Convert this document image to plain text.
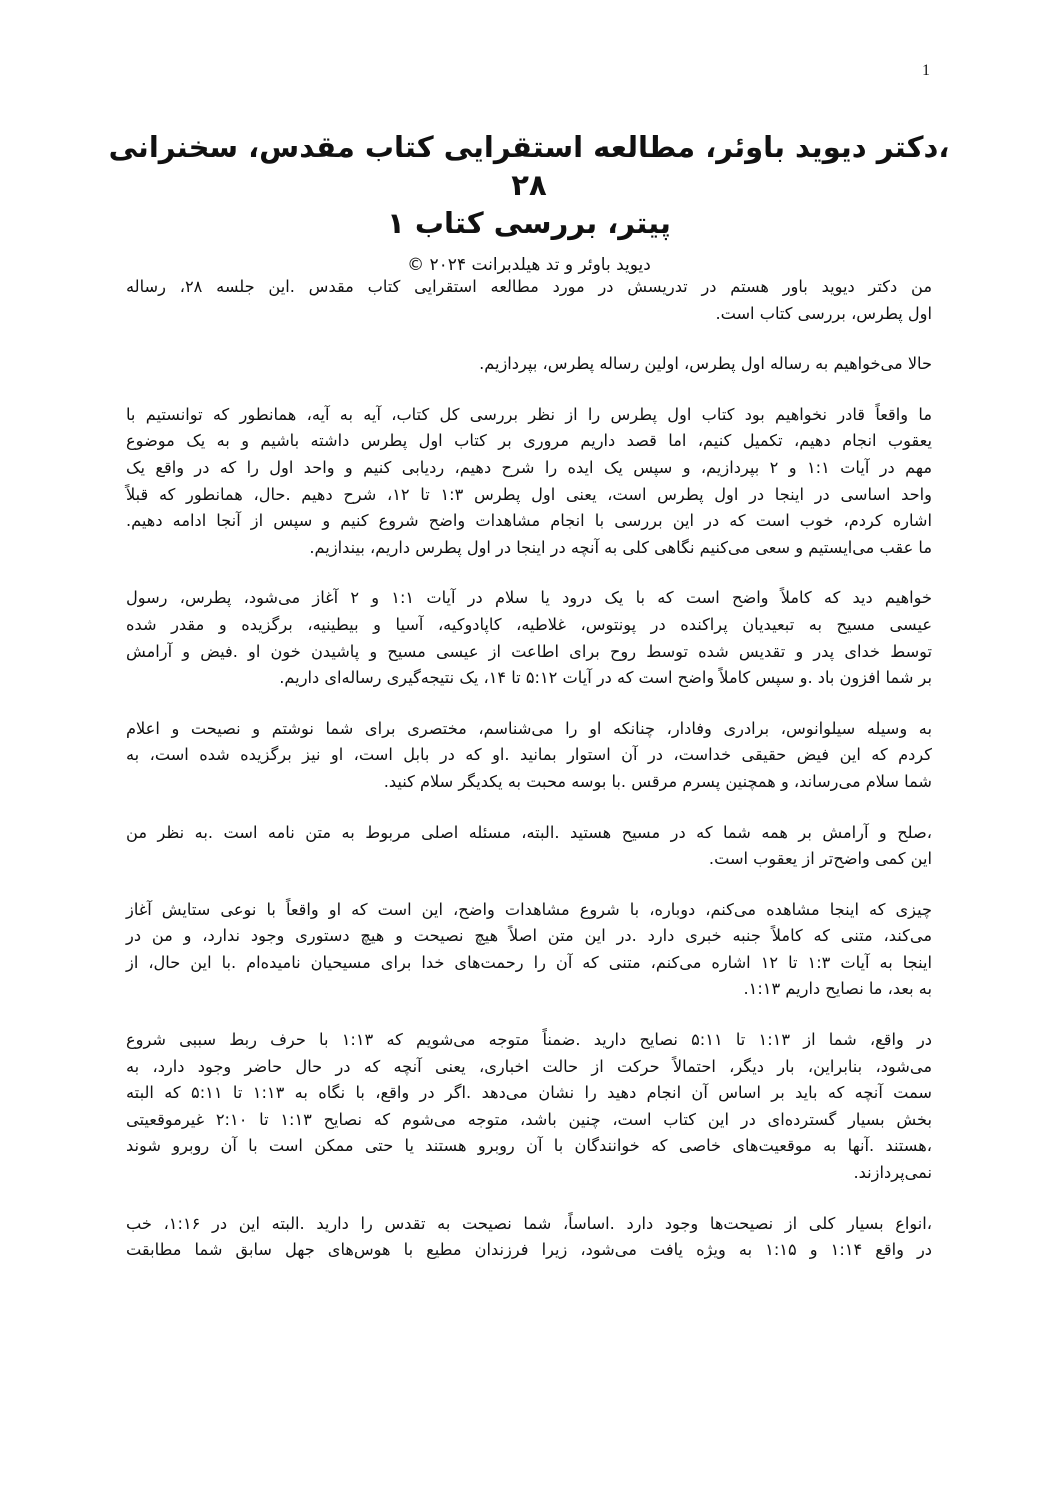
1
،دکتر دیوید باوئر، مطالعه استقرایی کتاب مقدس، سخنرانی ۲۸
پیتر، بررسی کتاب ۱
دیوید باوئر و تد هیلدبرانت ۲۰۲۴ ©
من دکتر دیوید باور هستم در تدریسش در مورد مطالعه استقرایی کتاب مقدس .این جلسه ۲۸، رساله
اول پطرس، بررسی کتاب است.
حالا می‌خواهیم به رساله اول پطرس، اولین رساله پطرس، بپردازیم.
ما واقعاً قادر نخواهیم بود کتاب اول پطرس را از نظر بررسی کل کتاب، آیه به آیه، همانطور که توانستیم با
یعقوب انجام دهیم، تکمیل کنیم، اما قصد داریم مروری بر کتاب اول پطرس داشته باشیم و به یک موضوع
مهم در آیات ۱:۱ و ۲ بپردازیم، و سپس یک ایده را شرح دهیم، ردیابی کنیم و واحد اول را که در واقع یک
واحد اساسی در اینجا در اول پطرس است، یعنی اول پطرس ۱:۳ تا ۱۲، شرح دهیم .حال، همانطور که قبلاً
اشاره کردم، خوب است که در این بررسی با انجام مشاهدات واضح شروع کنیم و سپس از آنجا ادامه دهیم.
ما عقب می‌ایستیم و سعی می‌کنیم نگاهی کلی به آنچه در اینجا در اول پطرس داریم، بیندازیم.
خواهیم دید که کاملاً واضح است که با یک درود یا سلام در آیات ۱:۱ و ۲ آغاز می‌شود، پطرس، رسول
عیسی مسیح به تبعیدیان پراکنده در پونتوس، غلاطیه، کاپادوکیه، آسیا و بیطینیه، برگزیده و مقدر شده
توسط خدای پدر و تقدیس شده توسط روح برای اطاعت از عیسی مسیح و پاشیدن خون او .فیض و آرامش
بر شما افزون باد .و سپس کاملاً واضح است که در آیات ۵:۱۲ تا ۱۴، یک نتیجه‌گیری رساله‌ای داریم.
به وسیله سیلوانوس، برادری وفادار، چنانکه او را می‌شناسم، مختصری برای شما نوشتم و نصیحت و اعلام
کردم که این فیض حقیقی خداست، در آن استوار بمانید .او که در بابل است، او نیز برگزیده شده است، به
شما سلام می‌رساند، و همچنین پسرم مرقس .با بوسه محبت به یکدیگر سلام کنید.
،صلح و آرامش بر همه شما که در مسیح هستید .البته، مسئله اصلی مربوط به متن نامه است .به نظر من
این کمی واضح‌تر از یعقوب است.
چیزی که اینجا مشاهده می‌کنم، دوباره، با شروع مشاهدات واضح، این است که او واقعاً با نوعی ستایش آغاز
می‌کند، متنی که کاملاً جنبه خبری دارد .در این متن اصلاً هیچ نصیحت و هیچ دستوری وجود ندارد، و من در
اینجا به آیات ۱:۳ تا ۱۲ اشاره می‌کنم، متنی که آن را رحمت‌های خدا برای مسیحیان نامیده‌ام .با این حال، از
به بعد، ما نصایح داریم ۱:۱۳.
در واقع، شما از ۱:۱۳ تا ۵:۱۱ نصایح دارید .ضمناً متوجه می‌شویم که ۱:۱۳ با حرف ربط سببی شروع
می‌شود، بنابراین، بار دیگر، احتمالاً حرکت از حالت اخباری، یعنی آنچه که در حال حاضر وجود دارد، به
سمت آنچه که باید بر اساس آن انجام دهید را نشان می‌دهد .اگر در واقع، با نگاه به ۱:۱۳ تا ۵:۱۱ که البته
بخش بسیار گسترده‌ای در این کتاب است، چنین باشد، متوجه می‌شوم که نصایح ۱:۱۳ تا ۲:۱۰ غیرموقعیتی
،هستند .آنها به موقعیت‌های خاصی که خوانندگان با آن روبرو هستند یا حتی ممکن است با آن روبرو شوند
نمی‌پردازند.
،انواع بسیار کلی از نصیحت‌ها وجود دارد .اساساً، شما نصیحت به تقدس را دارید .البته این در ۱:۱۶، خب
در واقع ۱:۱۴ و ۱:۱۵ به ویژه یافت می‌شود، زیرا فرزندان مطیع با هوس‌های جهل سابق شما مطابقت
